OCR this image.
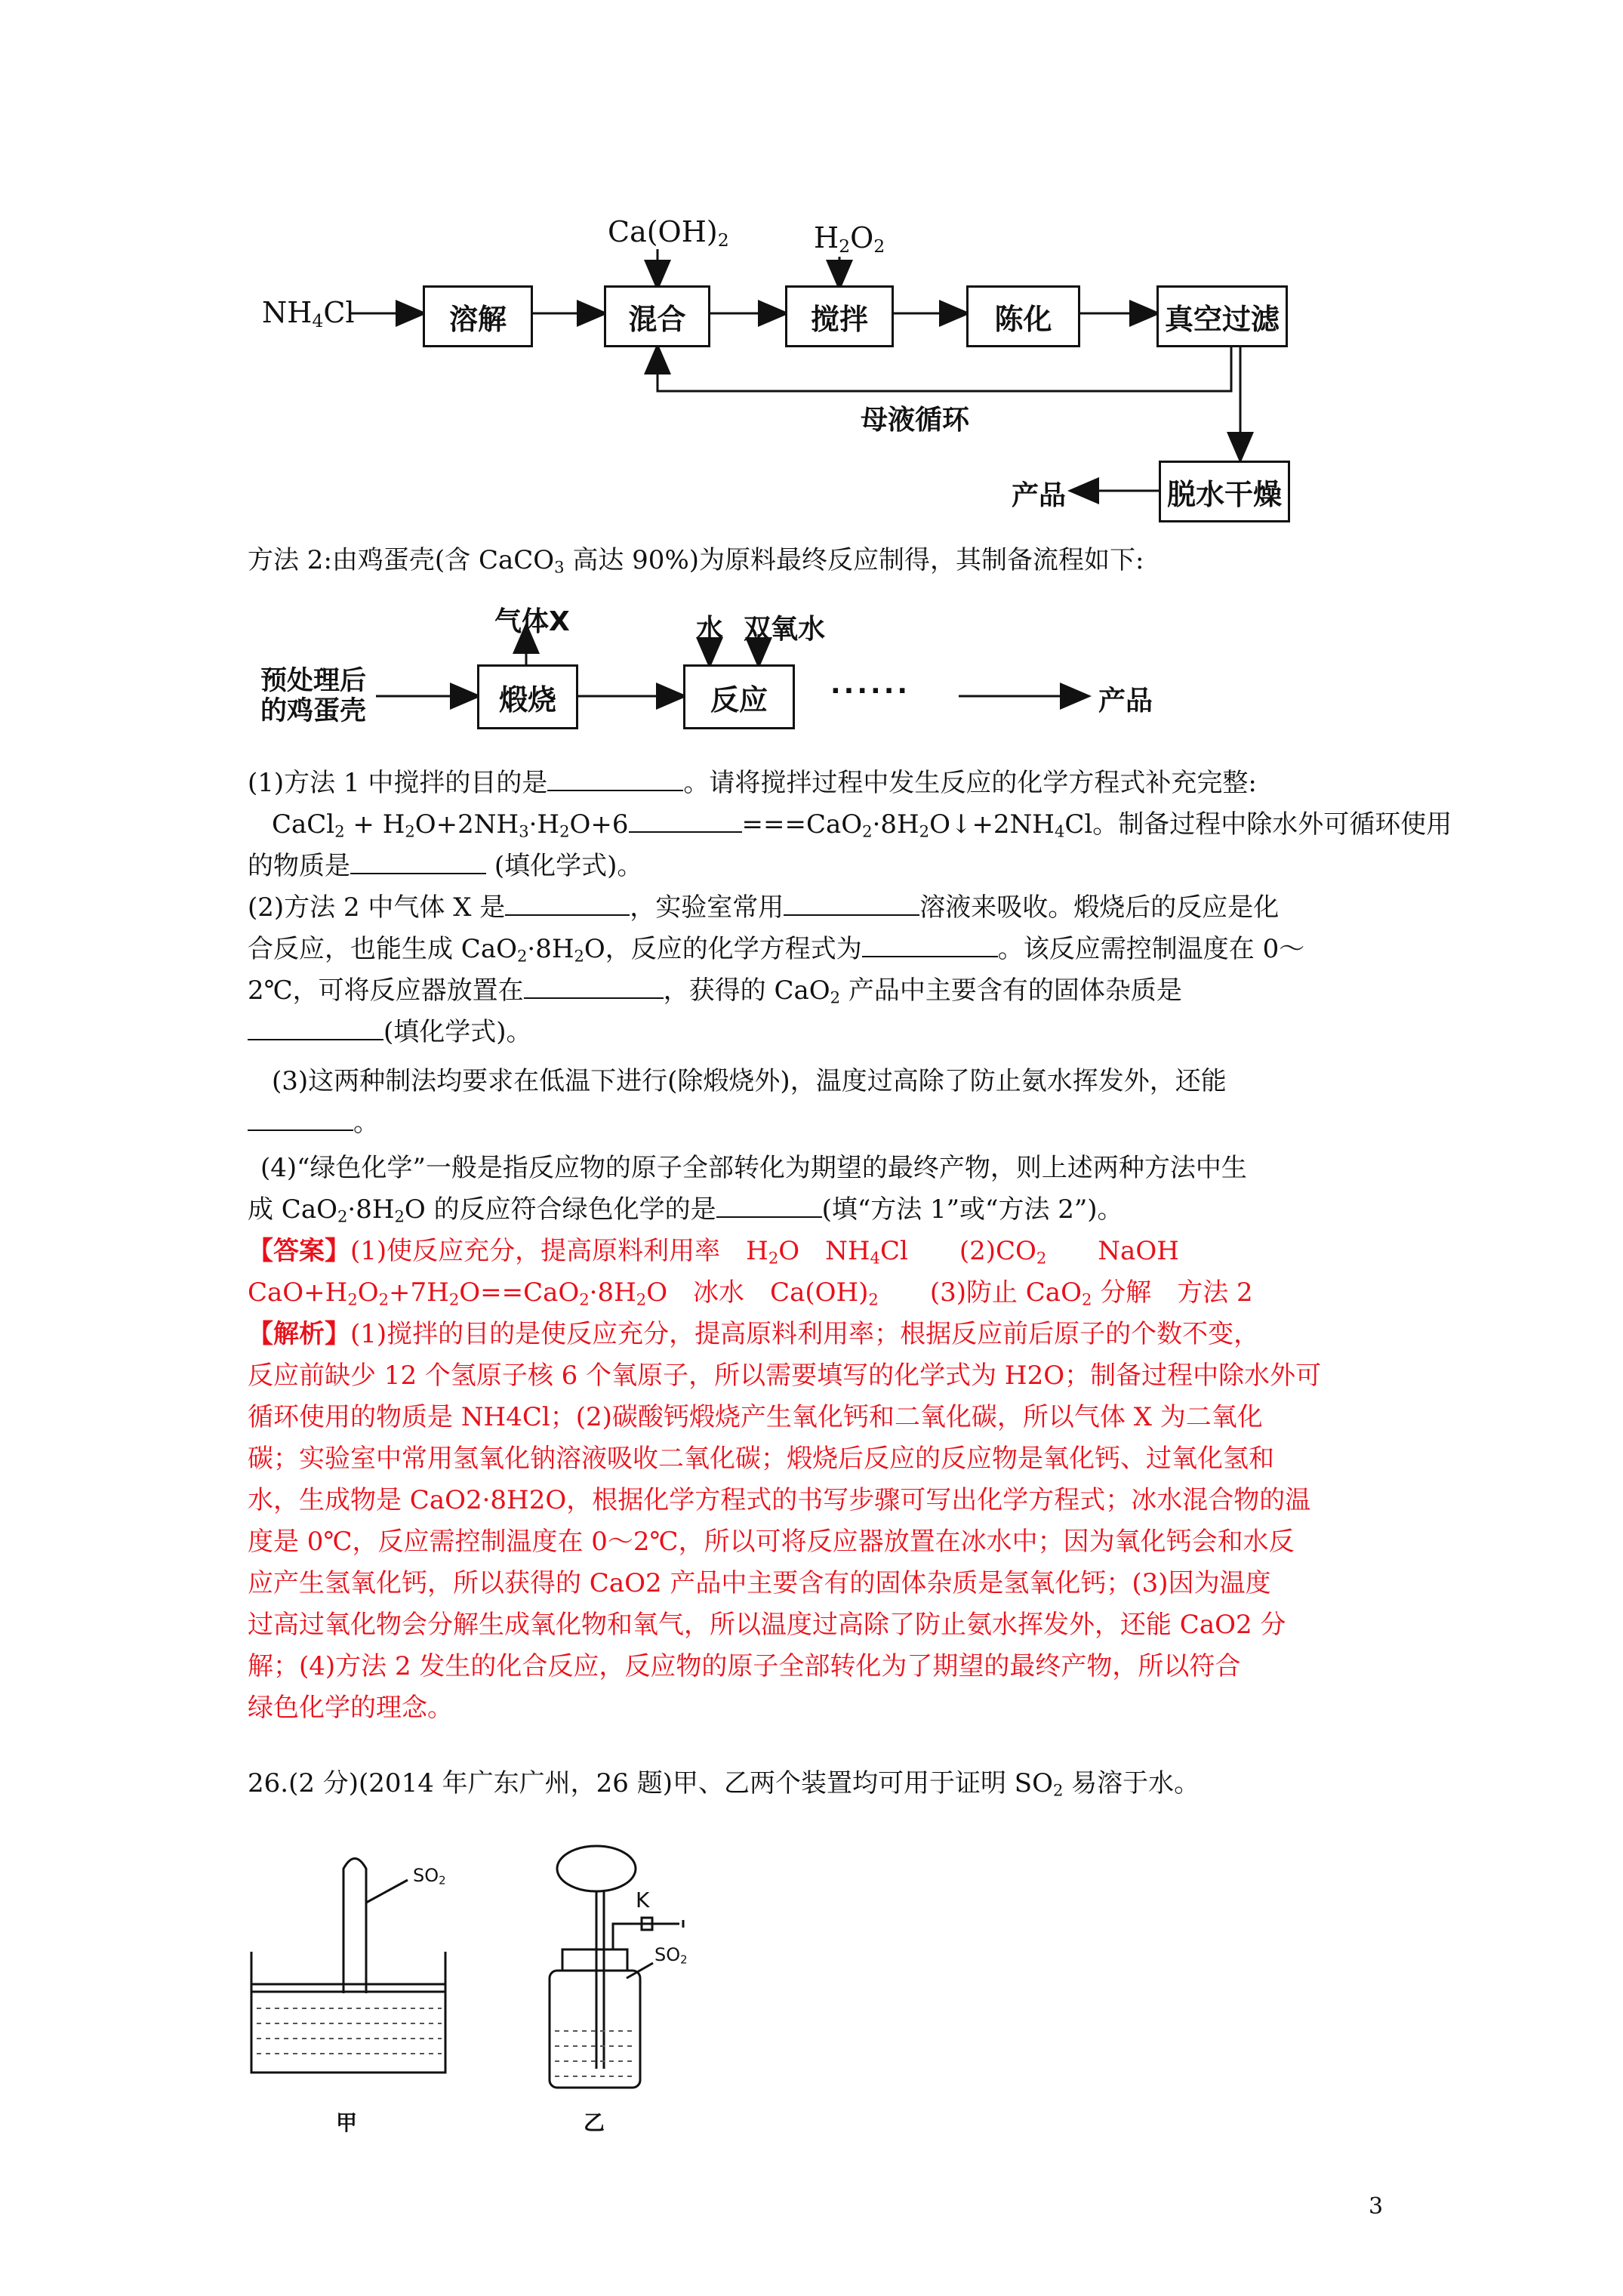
$NH_4Cl$	溶解	混合	搅拌	陈化	真空过滤
脱水干燥
$Ca(OH)_2$	$H_2O_2$
母液循环
产品
方法 2:由鸡蛋壳(含 CaCO$_3$ 高达 90%)为原料最终反应制得，其制备流程如下:
预处理后
的鸡蛋壳	煅烧	反应
气体X	水 双氧水
······	产品
(1)方法 1 中搅拌的目的是	。请将搅拌过程中发生反应的化学方程式补充完整:
CaCl$_2$ + $H_2O+2NH_3\cdot H_2O+6$	$===CaO_2\cdot 8H_2O↓+2NH_4Cl$。制备过程中除水外可循环使用
的物质是	(填化学式)。
(2)方法 2 中气体 X 是	，实验室常用	溶液来吸收。煅烧后的反应是化
合反应，也能生成 $CaO_2\cdot 8H_2O$，反应的化学方程式为	。该反应需控制温度在 0～
2℃，可将反应器放置在	，获得的 CaO$_2$ 产品中主要含有的固体杂质是
(填化学式)。
(3)这两种制法均要求在低温下进行(除煅烧外)，温度过高除了防止氨水挥发外，还能
。
(4)“绿色化学”一般是指反应物的原子全部转化为期望的最终产物，则上述两种方法中生
成 $CaO_2\cdot 8H_2O$ 的反应符合绿色化学的是	(填“方法 1”或“方法 2”)。
【答案】(1)使反应充分，提高原料利用率　$H_2O$　$NH_4Cl$　　$(2)CO_2$　　NaOH
$CaO+H_2O_2+7H_2O==CaO_2\cdot 8H_2O$　冰水　$Ca(OH)_2$　　(3)防止 CaO$_2$ 分解　方法 2
【解析】(1)搅拌的目的是使反应充分，提高原料利用率；根据反应前后原子的个数不变，
反应前缺少 12 个氢原子核 6 个氧原子，所以需要填写的化学式为 H2O；制备过程中除水外可
循环使用的物质是 NH4Cl；(2)碳酸钙煅烧产生氧化钙和二氧化碳，所以气体 X 为二氧化
碳；实验室中常用氢氧化钠溶液吸收二氧化碳；煅烧后反应的反应物是氧化钙、过氧化氢和
水，生成物是 CaO2·8H2O，根据化学方程式的书写步骤可写出化学方程式；冰水混合物的温
度是 0℃，反应需控制温度在 0～2℃，所以可将反应器放置在冰水中；因为氧化钙会和水反
应产生氢氧化钙，所以获得的 CaO2 产品中主要含有的固体杂质是氢氧化钙；(3)因为温度
过高过氧化物会分解生成氧化物和氧气，所以温度过高除了防止氨水挥发外，还能 CaO2 分
解；(4)方法 2 发生的化合反应，反应物的原子全部转化为了期望的最终产物，所以符合
绿色化学的理念。
26.(2 分)(2014 年广东广州，26 题)甲、乙两个装置均可用于证明 $SO_2$ 易溶于水。
$SO_2$
$SO_2$
K
甲	乙
3
